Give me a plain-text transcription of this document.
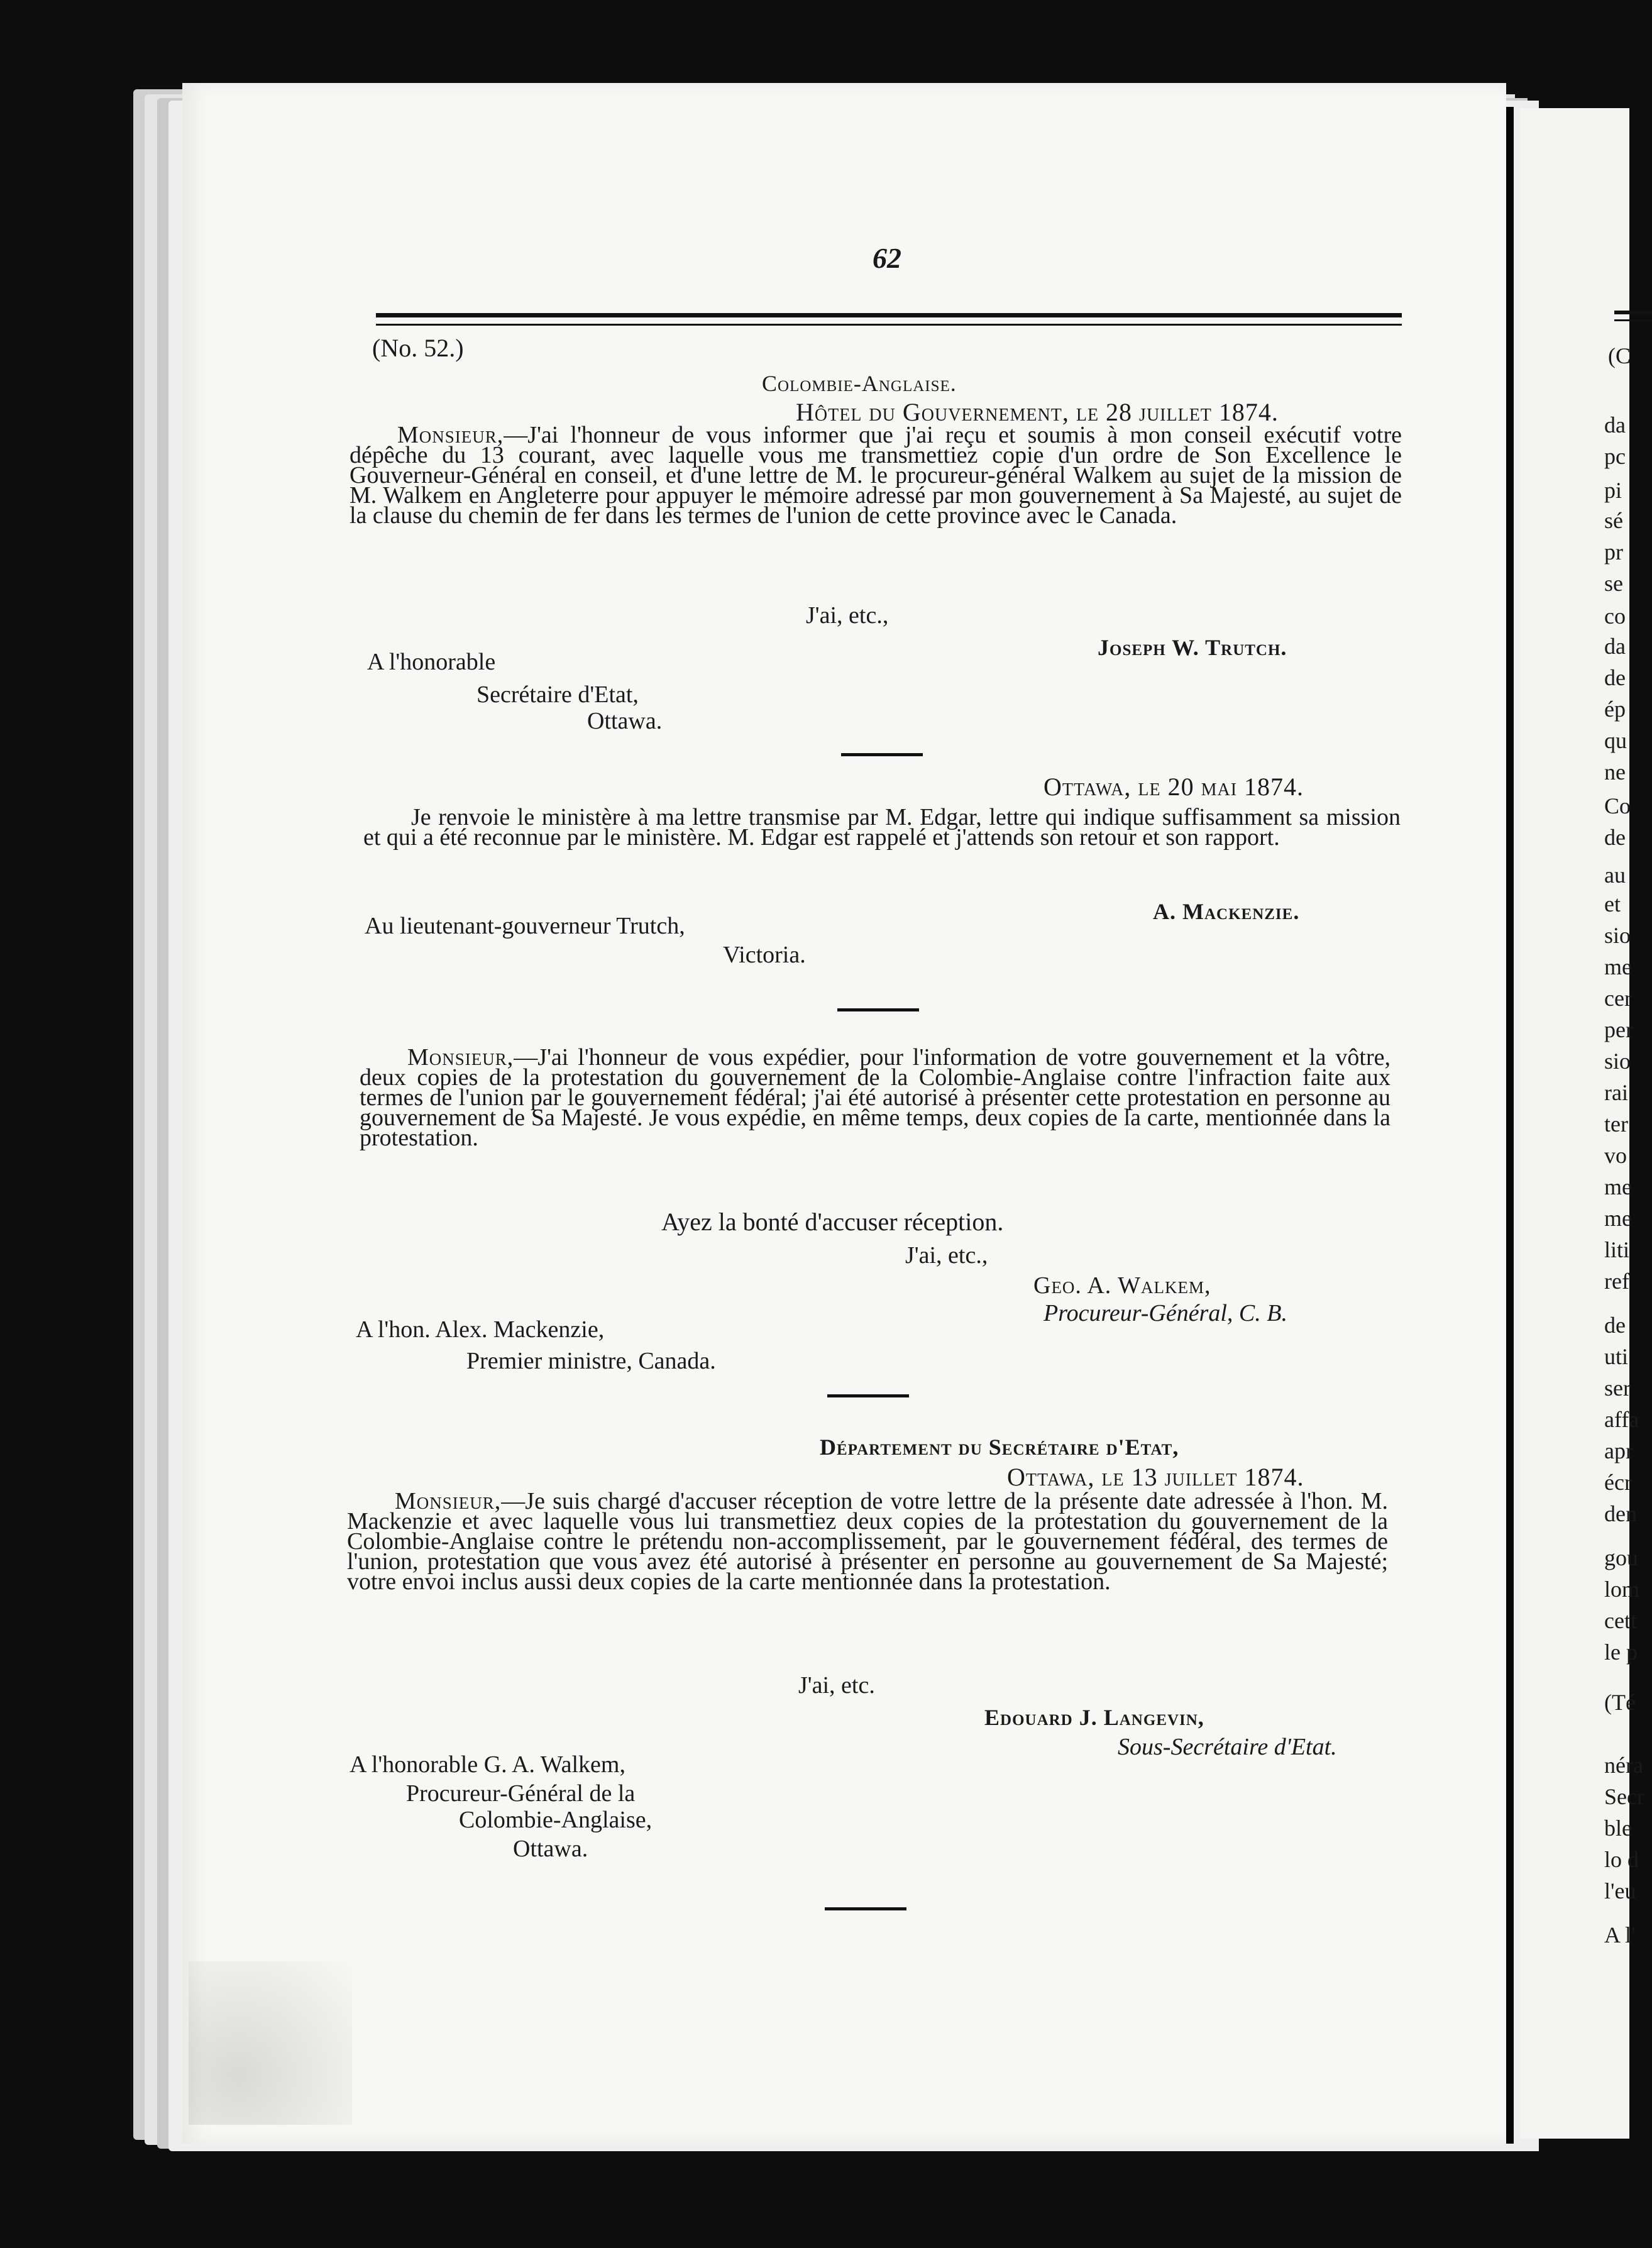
(C
da
pc
pi
sé
pr
se
co
da
de
ép
qu
ne
Co
de
au
et
sio
me
cer
per
sio
rai
ter
vo
me
me
liti
ref
de
uti
ser
affa
apr
écr
den
gou
lom
cett
le p
(Té
néra
Secr
ble
lo d
l'eu
A l'
62
(No. 52.)
Colombie-Anglaise.
Hôtel du Gouvernement, le 28 juillet 1874.
Monsieur,—J'ai l'honneur de vous informer que j'ai reçu et soumis à mon conseil exécutif votre dépêche du 13 courant, avec laquelle vous me transmettiez copie d'un ordre de Son Excellence le Gouverneur-Général en conseil, et d'une lettre de M. le procureur-général Walkem au sujet de la mission de M. Walkem en Angleterre pour appuyer le mémoire adressé par mon gouvernement à Sa Majesté, au sujet de la clause du chemin de fer dans les termes de l'union de cette province avec le Canada.
J'ai, etc.,
Joseph W. Trutch.
A l'honorable
Secrétaire d'Etat,
Ottawa.
Ottawa, le 20 mai 1874.
Je renvoie le ministère à ma lettre transmise par M. Edgar, lettre qui indique suffisamment sa mission et qui a été reconnue par le ministère. M. Edgar est rappelé et j'attends son retour et son rapport.
A. Mackenzie.
Au lieutenant-gouverneur Trutch,
Victoria.
Monsieur,—J'ai l'honneur de vous expédier, pour l'information de votre gouvernement et la vôtre, deux copies de la protestation du gouvernement de la Colombie-Anglaise contre l'infraction faite aux termes de l'union par le gouvernement fédéral; j'ai été autorisé à présenter cette protestation en personne au gouvernement de Sa Majesté. Je vous expédie, en même temps, deux copies de la carte, mentionnée dans la protestation.
Ayez la bonté d'accuser réception.
J'ai, etc.,
Geo. A. Walkem,
Procureur-Général, C. B.
A l'hon. Alex. Mackenzie,
Premier ministre, Canada.
Département du Secrétaire d'Etat,
Ottawa, le 13 juillet 1874.
Monsieur,—Je suis chargé d'accuser réception de votre lettre de la présente date adressée à l'hon. M. Mackenzie et avec laquelle vous lui transmettiez deux copies de la protestation du gouvernement de la Colombie-Anglaise contre le prétendu non-accomplissement, par le gouvernement fédéral, des termes de l'union, protestation que vous avez été autorisé à présenter en personne au gouvernement de Sa Majesté; votre envoi inclus aussi deux copies de la carte mentionnée dans la protestation.
J'ai, etc.
Edouard J. Langevin,
Sous-Secrétaire d'Etat.
A l'honorable G. A. Walkem,
Procureur-Général de la
Colombie-Anglaise,
Ottawa.
